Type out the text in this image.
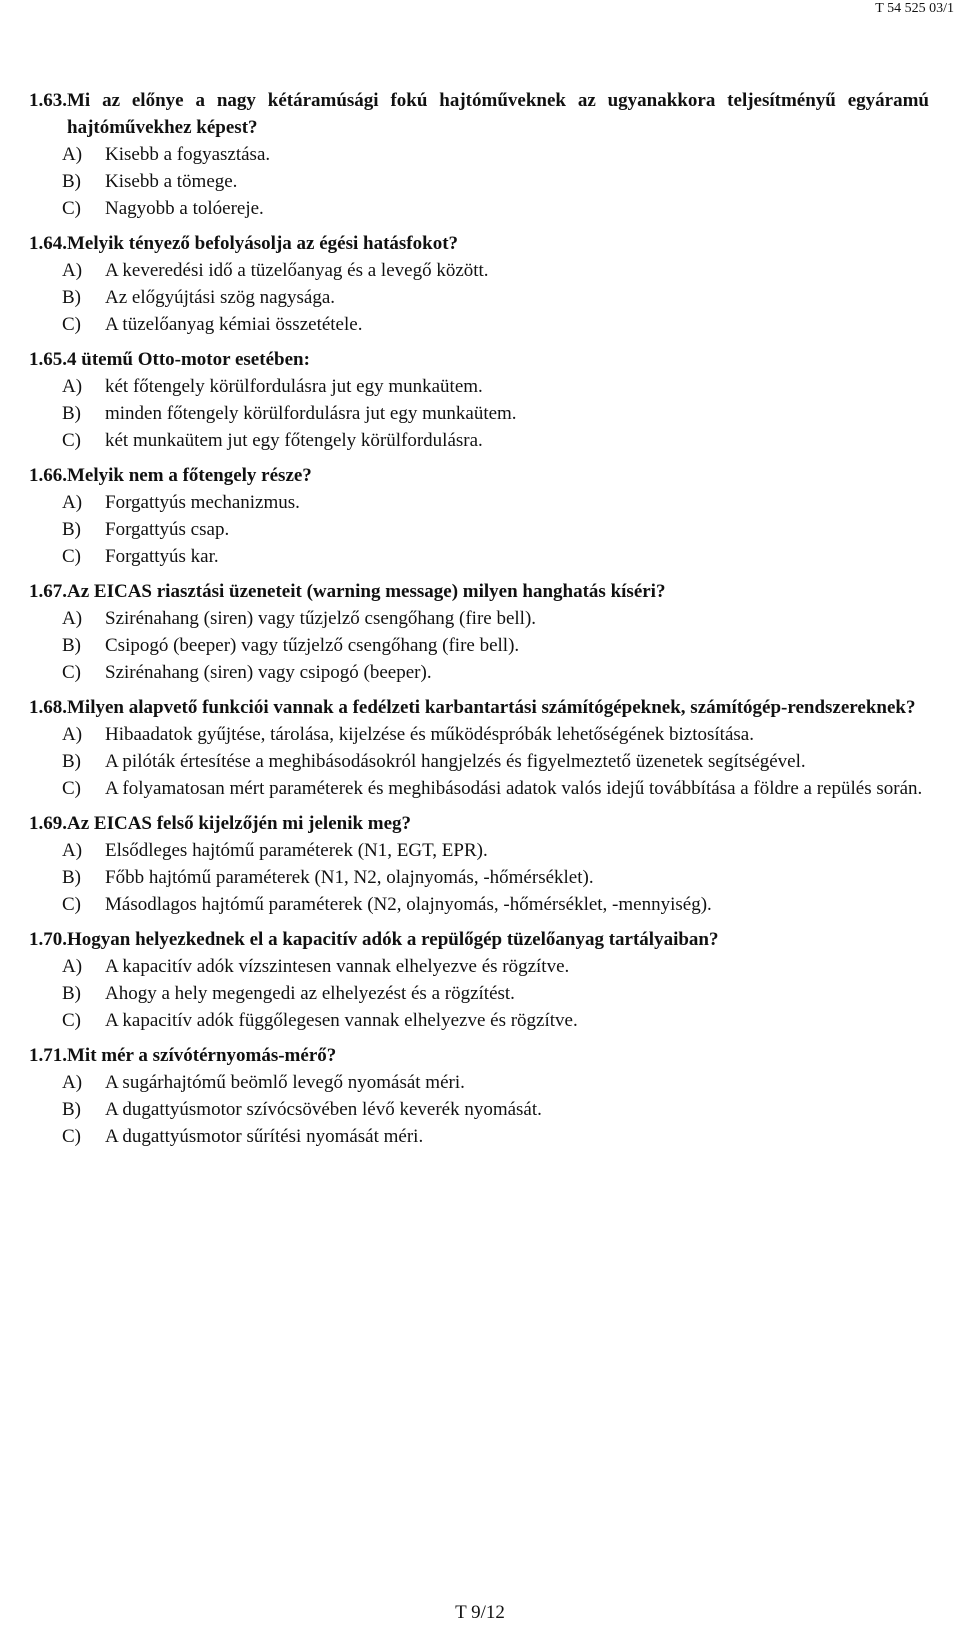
T 54 525 03/1
1.63. Mi az előnye a nagy kétáramúsági fokú hajtóműveknek az ugyanakkora teljesítményű egyáramú hajtóművekhez képest?
A)	Kisebb a fogyasztása.
B)	Kisebb a tömege.
C)	Nagyobb a tolóereje.
1.64. Melyik tényező befolyásolja az égési hatásfokot?
A)	A keveredési idő a tüzelőanyag és a levegő között.
B)	Az előgyújtási szög nagysága.
C)	A tüzelőanyag kémiai összetétele.
1.65. 4 ütemű Otto-motor esetében:
A)	két főtengely körülfordulásra jut egy munkaütem.
B)	minden főtengely körülfordulásra jut egy munkaütem.
C)	két munkaütem jut egy főtengely körülfordulásra.
1.66. Melyik nem a főtengely része?
A)	Forgattyús mechanizmus.
B)	Forgattyús csap.
C)	Forgattyús kar.
1.67. Az EICAS riasztási üzeneteit (warning message) milyen hanghatás kíséri?
A)	Szirénahang (siren) vagy tűzjelző csengőhang (fire bell).
B)	Csipogó (beeper) vagy tűzjelző csengőhang (fire bell).
C)	Szirénahang (siren) vagy csipogó (beeper).
1.68. Milyen alapvető funkciói vannak a fedélzeti karbantartási számítógépeknek, számítógép-rendszereknek?
A)	Hibaadatok gyűjtése, tárolása, kijelzése és működéspróbák lehetőségének biztosítása.
B)	A pilóták értesítése a meghibásodásokról hangjelzés és figyelmeztető üzenetek segítségével.
C)	A folyamatosan mért paraméterek és meghibásodási adatok valós idejű továbbítása a földre a repülés során.
1.69. Az EICAS felső kijelzőjén mi jelenik meg?
A)	Elsődleges hajtómű paraméterek (N1, EGT, EPR).
B)	Főbb hajtómű paraméterek (N1, N2, olajnyomás, -hőmérséklet).
C)	Másodlagos hajtómű paraméterek (N2, olajnyomás, -hőmérséklet, -mennyiség).
1.70. Hogyan helyezkednek el a kapacitív adók a repülőgép tüzelőanyag tartályaiban?
A)	A kapacitív adók vízszintesen vannak elhelyezve és rögzítve.
B)	Ahogy a hely megengedi az elhelyezést és a rögzítést.
C)	A kapacitív adók függőlegesen vannak elhelyezve és rögzítve.
1.71. Mit mér a szívótérnyomás-mérő?
A)	A sugárhajtómű beömlő levegő nyomását méri.
B)	A dugattyúsmotor szívócsövében lévő keverék nyomását.
C)	A dugattyúsmotor sűrítési nyomását méri.
T 9/12
